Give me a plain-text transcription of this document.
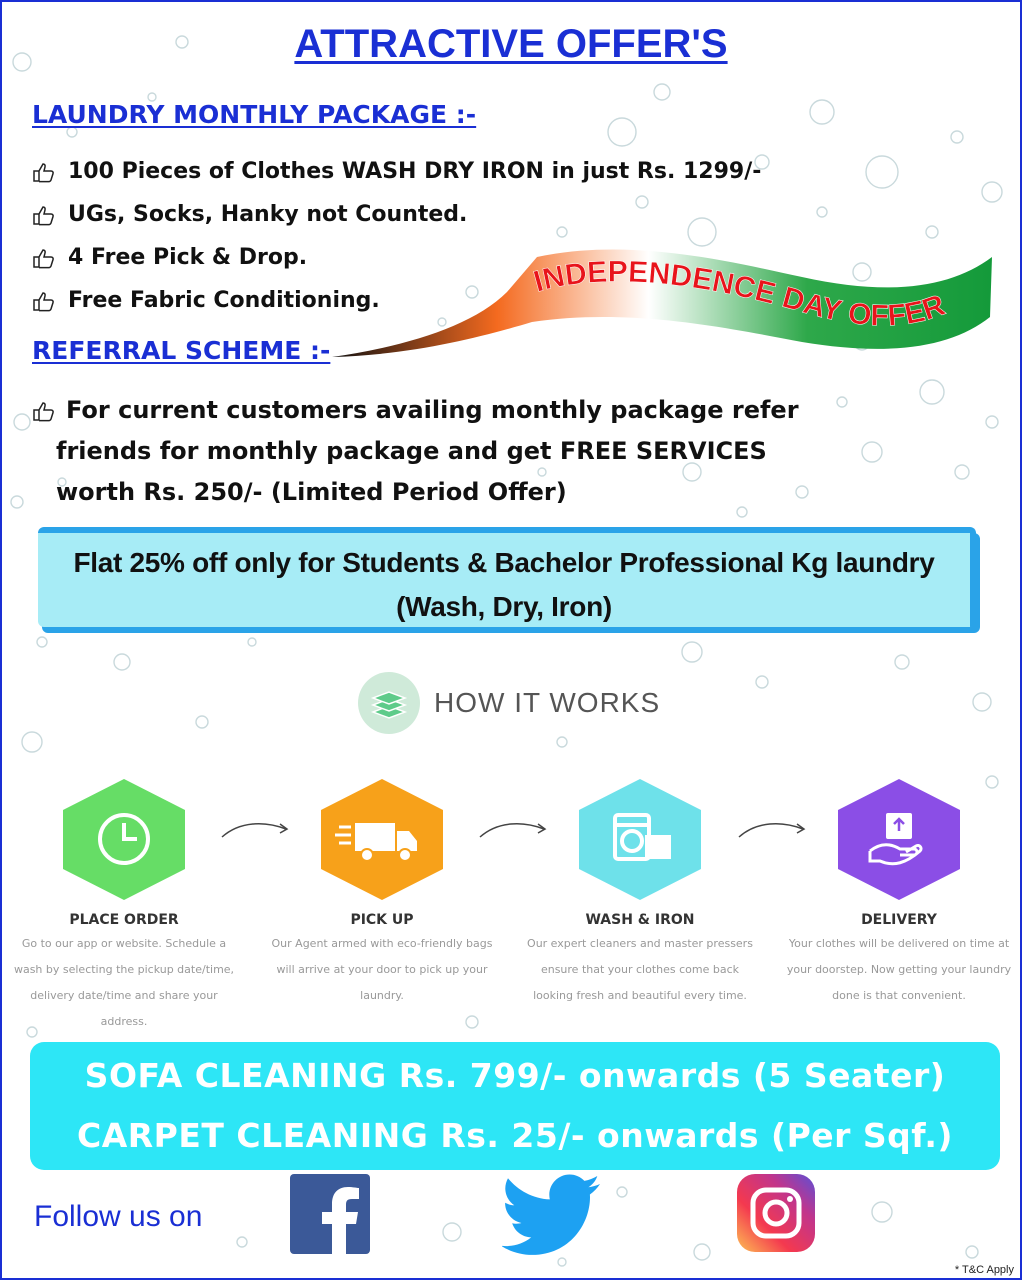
ATTRACTIVE OFFER'S
LAUNDRY MONTHLY PACKAGE :-
100 Pieces of Clothes WASH DRY IRON in just Rs. 1299/-
UGs, Socks, Hanky not Counted.
4 Free Pick & Drop.
Free Fabric Conditioning.
INDEPENDENCE DAY OFFER
REFERRAL SCHEME :-
For current customers availing monthly package refer
friends for monthly package and get FREE SERVICES
worth Rs. 250/- (Limited Period Offer)
Flat 25% off only for Students & Bachelor Professional Kg laundry
(Wash, Dry, Iron)
HOW IT WORKS
PLACE ORDER
Go to our app or website. Schedule a
wash by selecting the pickup date/time,
delivery date/time and share your
address.
PICK UP
Our Agent armed with eco-friendly bags
will arrive at your door to pick up your
laundry.
WASH & IRON
Our expert cleaners and master pressers
ensure that your clothes come back
looking fresh and beautiful every time.
DELIVERY
Your clothes will be delivered on time at
your doorstep. Now getting your laundry
done is that convenient.
SOFA CLEANING Rs. 799/- onwards (5 Seater)
CARPET CLEANING Rs. 25/- onwards (Per Sqf.)
Follow us on
* T&C Apply
